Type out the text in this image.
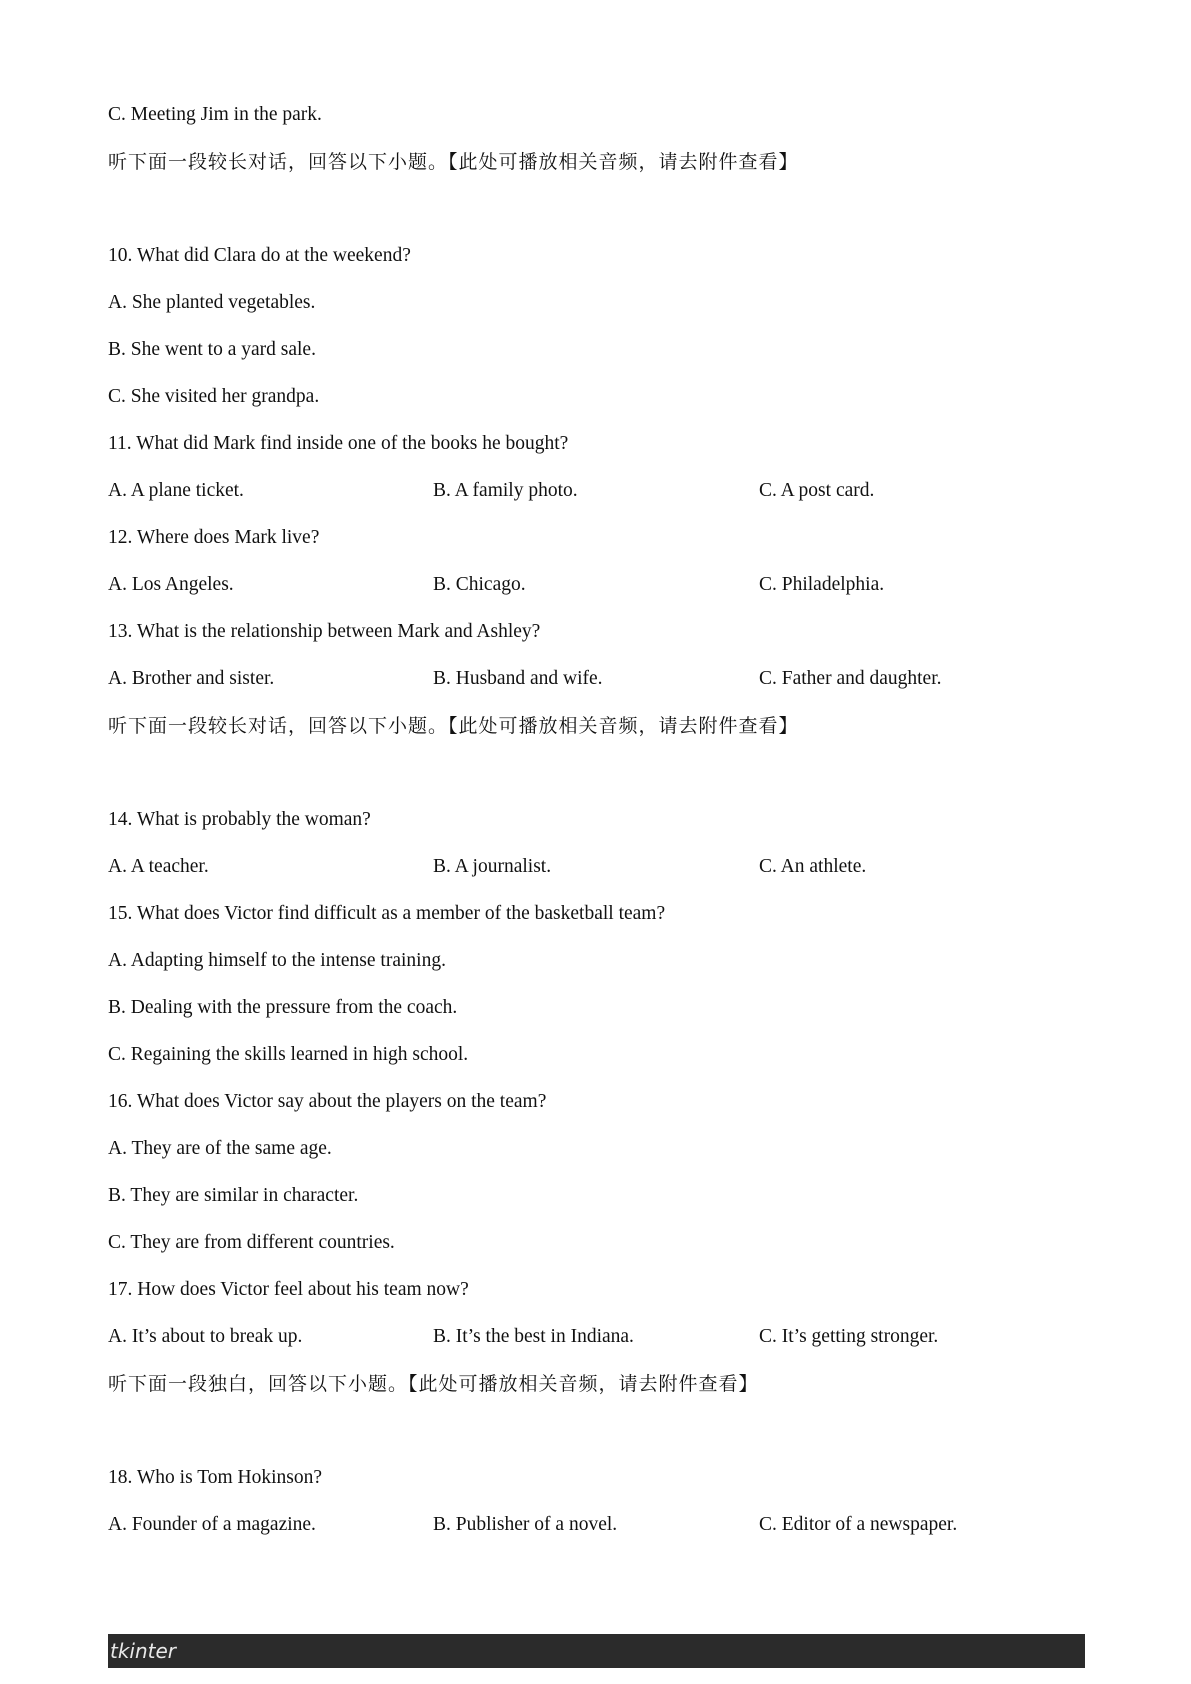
C. Meeting Jim in the park.
听下面一段较长对话，回答以下小题。【此处可播放相关音频，请去附件查看】
10. What did Clara do at the weekend?
A. She planted vegetables.
B. She went to a yard sale.
C. She visited her grandpa.
11. What did Mark find inside one of the books he bought?
A. A plane ticket.	B. A family photo.	C. A post card.
12. Where does Mark live?
A. Los Angeles.	B. Chicago.	C. Philadelphia.
13. What is the relationship between Mark and Ashley?
A. Brother and sister.	B. Husband and wife.	C. Father and daughter.
听下面一段较长对话，回答以下小题。【此处可播放相关音频，请去附件查看】
14. What is probably the woman?
A. A teacher.	B. A journalist.	C. An athlete.
15. What does Victor find difficult as a member of the basketball team?
A. Adapting himself to the intense training.
B. Dealing with the pressure from the coach.
C. Regaining the skills learned in high school.
16. What does Victor say about the players on the team?
A. They are of the same age.
B. They are similar in character.
C. They are from different countries.
17. How does Victor feel about his team now?
A. It’s about to break up.	B. It’s the best in Indiana.	C. It’s getting stronger.
听下面一段独白，回答以下小题。【此处可播放相关音频，请去附件查看】
18. Who is Tom Hokinson?
A. Founder of a magazine.	B. Publisher of a novel.	C. Editor of a newspaper.
tkinter
